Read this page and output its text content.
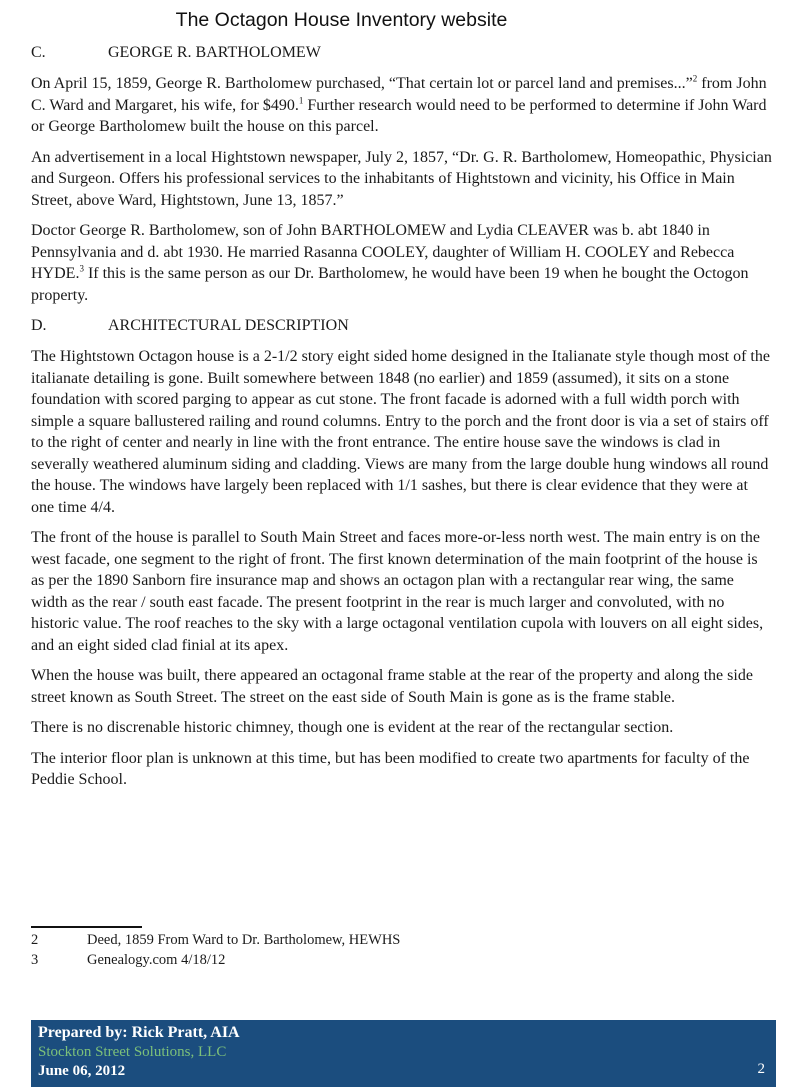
The Octagon House Inventory website
C.	GEORGE R. BARTHOLOMEW

On April 15, 1859, George R. Bartholomew purchased, “That certain lot or parcel land and premises...”$^2$ from John C. Ward and Margaret, his wife, for $490.$^1$ Further research would need to be performed to determine if John Ward or George Bartholomew built the house on this parcel.

An advertisement in a local Hightstown newspaper, July 2, 1857, “Dr. G. R. Bartholomew, Homeopathic, Physician and Surgeon. Offers his professional services to the inhabitants of Hightstown and vicinity, his Office in Main Street, above Ward, Hightstown, June 13, 1857.”

Doctor George R. Bartholomew, son of John BARTHOLOMEW and Lydia CLEAVER was b. abt 1840 in Pennsylvania and d. abt 1930. He married Rasanna COOLEY, daughter of William H. COOLEY and Rebecca HYDE.$^3$ If this is the same person as our Dr. Bartholomew, he would have been 19 when he bought the Octogon property.

D.	ARCHITECTURAL DESCRIPTION

The Hightstown Octagon house is a 2-1/2 story eight sided home designed in the Italianate style though most of the italianate detailing is gone. Built somewhere between 1848 (no earlier) and 1859 (assumed), it sits on a stone foundation with scored parging to appear as cut stone. The front facade is adorned with a full width porch with simple a square ballustered railing and round columns. Entry to the porch and the front door is via a set of stairs off to the right of center and nearly in line with the front entrance. The entire house save the windows is clad in severally weathered aluminum siding and cladding. Views are many from the large double hung windows all round the house. The windows have largely been replaced with 1/1 sashes, but there is clear evidence that they were at one time 4/4.

The front of the house is parallel to South Main Street and faces more-or-less north west. The main entry is on the west facade, one segment to the right of front. The first known determination of the main footprint of the house is as per the 1890 Sanborn fire insurance map and shows an octagon plan with a rectangular rear wing, the same width as the rear / south east facade. The present footprint in the rear is much larger and convoluted, with no historic value. The roof reaches to the sky with a large octagonal ventilation cupola with louvers on all eight sides, and an eight sided clad finial at its apex.

When the house was built, there appeared an octagonal frame stable at the rear of the property and along the side street known as South Street. The street on the east side of South Main is gone as is the frame stable.

There is no discrenable historic chimney, though one is evident at the rear of the rectangular section.

The interior floor plan is unknown at this time, but has been modified to create two apartments for faculty of the Peddie School.

2	Deed, 1859 From Ward to Dr. Bartholomew, HEWHS
3	Genealogy.com 4/18/12
Prepared by: Rick Pratt, AIA
Stockton Street Solutions, LLC
June 06, 2012	2
